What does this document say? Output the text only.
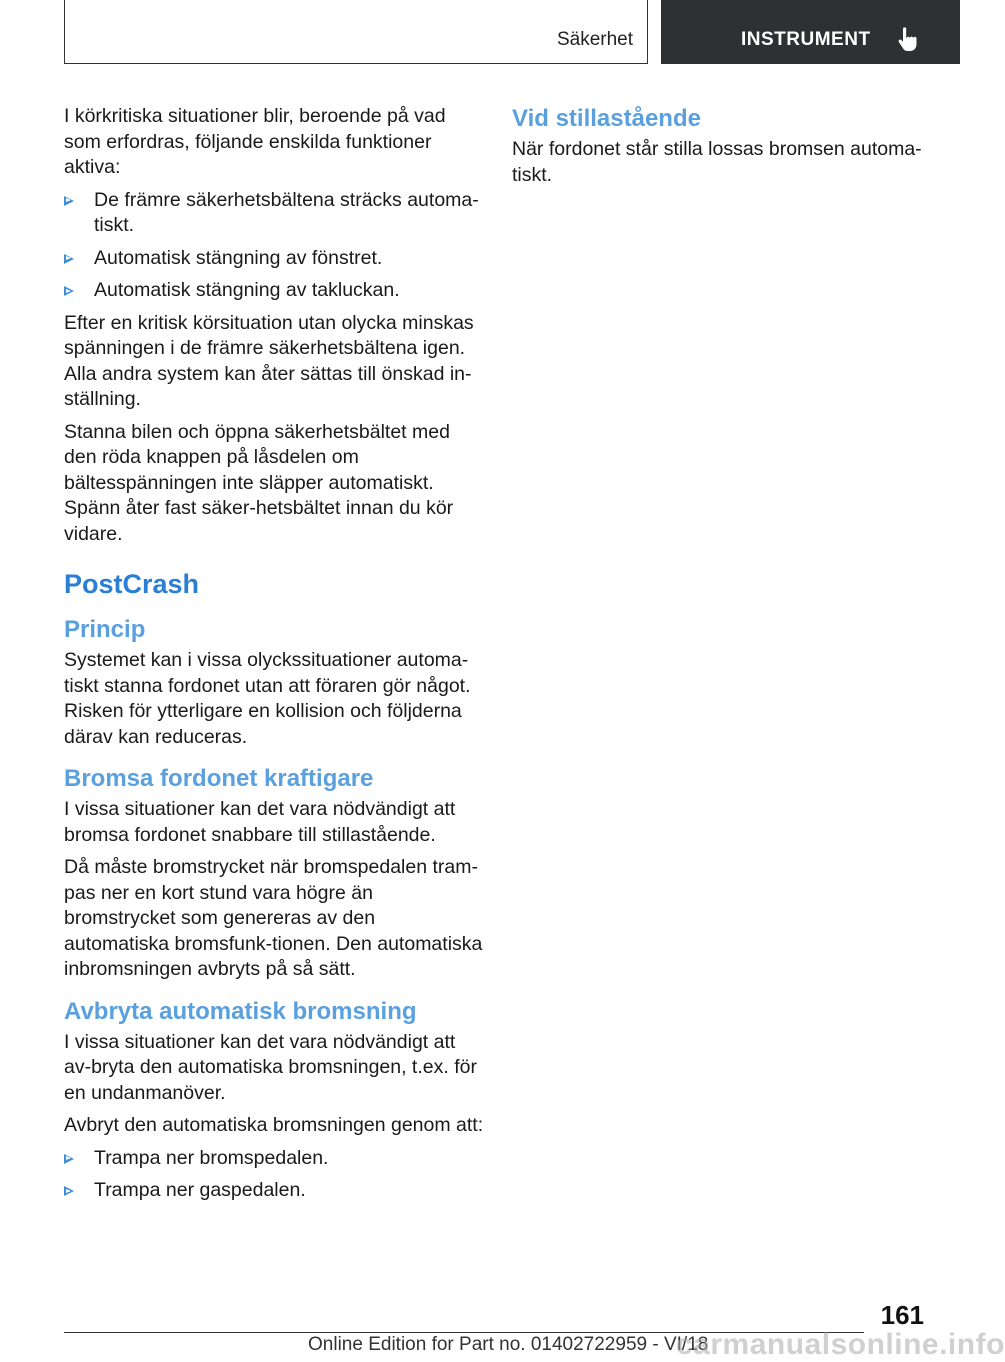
Säkerhet	INSTRUMENT

I körkritiska situationer blir, beroende på vad som erfordras, följande enskilda funktioner aktiva:

De främre säkerhetsbältena sträcks automa-tiskt.
Automatisk stängning av fönstret.
Automatisk stängning av takluckan.

Efter en kritisk körsituation utan olycka minskas spänningen i de främre säkerhetsbältena igen. Alla andra system kan åter sättas till önskad in-ställning.

Stanna bilen och öppna säkerhetsbältet med den röda knappen på låsdelen om bältesspänningen inte släpper automatiskt. Spänn åter fast säker-hetsbältet innan du kör vidare.

PostCrash
Princip

Systemet kan i vissa olyckssituationer automa-tiskt stanna fordonet utan att föraren gör något. Risken för ytterligare en kollision och följderna därav kan reduceras.

Bromsa fordonet kraftigare

I vissa situationer kan det vara nödvändigt att bromsa fordonet snabbare till stillastående.

Då måste bromstrycket när bromspedalen tram-pas ner en kort stund vara högre än bromstrycket som genereras av den automatiska bromsfunk-tionen. Den automatiska inbromsningen avbryts på så sätt.

Avbryta automatisk bromsning

I vissa situationer kan det vara nödvändigt att av-bryta den automatiska bromsningen, t.ex. för en undanmanöver.

Avbryt den automatiska bromsningen genom att:

Trampa ner bromspedalen.
Trampa ner gaspedalen.
Vid stillastående

När fordonet står stilla lossas bromsen automa-tiskt.

161
Online Edition for Part no. 01402722959 - VI/18
carmanualsonline.info
